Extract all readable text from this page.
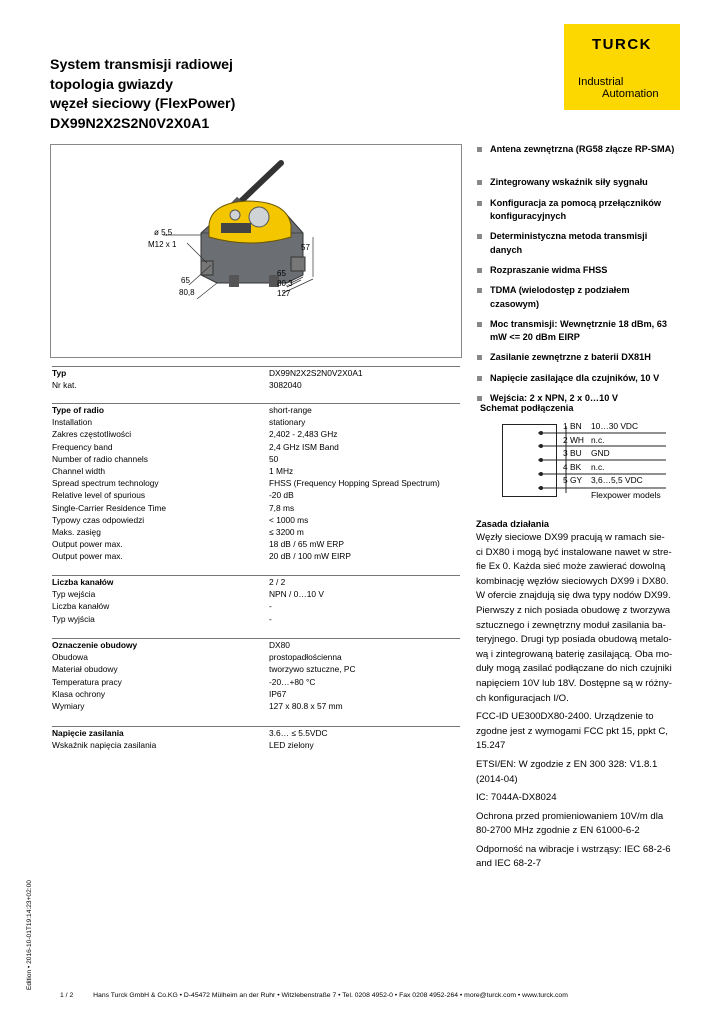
System transmisji radiowej
topologia gwiazdy
węzeł sieciowy (FlexPower)
DX99N2X2S2N0V2X0A1
TURCK
Industrial
Automation
ø 5,5
M12 x 1	57
65
80,8
65
80,3
127
Antena zewnętrzna (RG58 złącze RP-SMA)
Zintegrowany wskaźnik siły sygnału
Konfiguracja za pomocą przełączników konfiguracyjnych
Deterministyczna metoda transmisji danych
Rozpraszanie widma FHSS
TDMA (wielodostęp z podziałem czasowym)
Moc transmisji: Wewnętrznie 18 dBm, 63 mW <= 20 dBm EIRP
Zasilanie zewnętrzne z baterii DX81H
Napięcie zasilające dla czujników, 10 V
Wejścia: 2 x NPN, 2 x 0…10 V
Typ	DX99N2X2S2N0V2X0A1
Nr kat.	3082040
Type of radio	short-range
Installation	stationary
Zakres częstotliwości	2,402 - 2,483 GHz
Frequency band	2,4 GHz ISM Band
Number of radio channels	50
Channel width	1 MHz
Spread spectrum technology	FHSS (Frequency Hopping Spread Spectrum)
Relative level of spurious	-20 dB
Single-Carrier Residence Time	7,8 ms
Typowy czas odpowiedzi	< 1000 ms
Maks. zasięg	≤ 3200 m
Output power max.	18 dB / 65 mW ERP
Output power max.	20 dB / 100 mW EIRP
Liczba kanałów	2 / 2
Typ wejścia	NPN / 0…10 V
Liczba kanałów	-
Typ wyjścia	-
Oznaczenie obudowy	DX80
Obudowa	prostopadłościenna
Materiał obudowy	tworzywo sztuczne, PC
Temperatura pracy	-20…+80 °C
Klasa ochrony	IP67
Wymiary	127 x 80.8 x 57 mm
Napięcie zasilania	3.6… ≤ 5.5VDC
Wskaźnik napięcia zasilania	LED zielony
Schemat podłączenia
1 BN	10…30 VDC
2 WH n.c.
3 BU	GND
4 BK	n.c.
5 GY	3,6…5,5 VDC
Flexpower models
Zasada działania

Węzły sieciowe DX99 pracują w ramach sie-
ci DX80 i mogą być instalowane nawet w stre-
fie Ex 0. Każda sieć może zawierać dowolną
kombinację węzłów sieciowych DX99 i DX80.
W ofercie znajdują się dwa typy nodów DX99.
Pierwszy z nich posiada obudowę z tworzywa
sztucznego i zewnętrzny moduł zasilania ba-
teryjnego. Drugi typ posiada obudową metalo-
wą i zintegrowaną baterię zasilającą. Oba mo-
duły mogą zasilać podłączane do nich czujniki
napięciem 10V lub 18V. Dostępne są w różny-
ch konfiguracjach I/O.

FCC-ID UE300DX80-2400. Urządzenie to
zgodne jest z wymogami FCC pkt 15, ppkt C,
15.247

ETSI/EN: W zgodzie z EN 300 328: V1.8.1
(2014-04)

IC: 7044A-DX8024

Ochrona przed promieniowaniem 10V/m dla
80-2700 MHz zgodnie z EN 61000-6-2

Odporność na wibracje i wstrząsy: IEC 68-2-6
and IEC 68-2-7

Edition • 2016-10-01T19:14:23+02:00
1 / 2	Hans Turck GmbH & Co.KG • D-45472 Mülheim an der Ruhr • Witzlebenstraße 7 • Tel. 0208 4952-0 • Fax 0208 4952-264 • more@turck.com • www.turck.com
